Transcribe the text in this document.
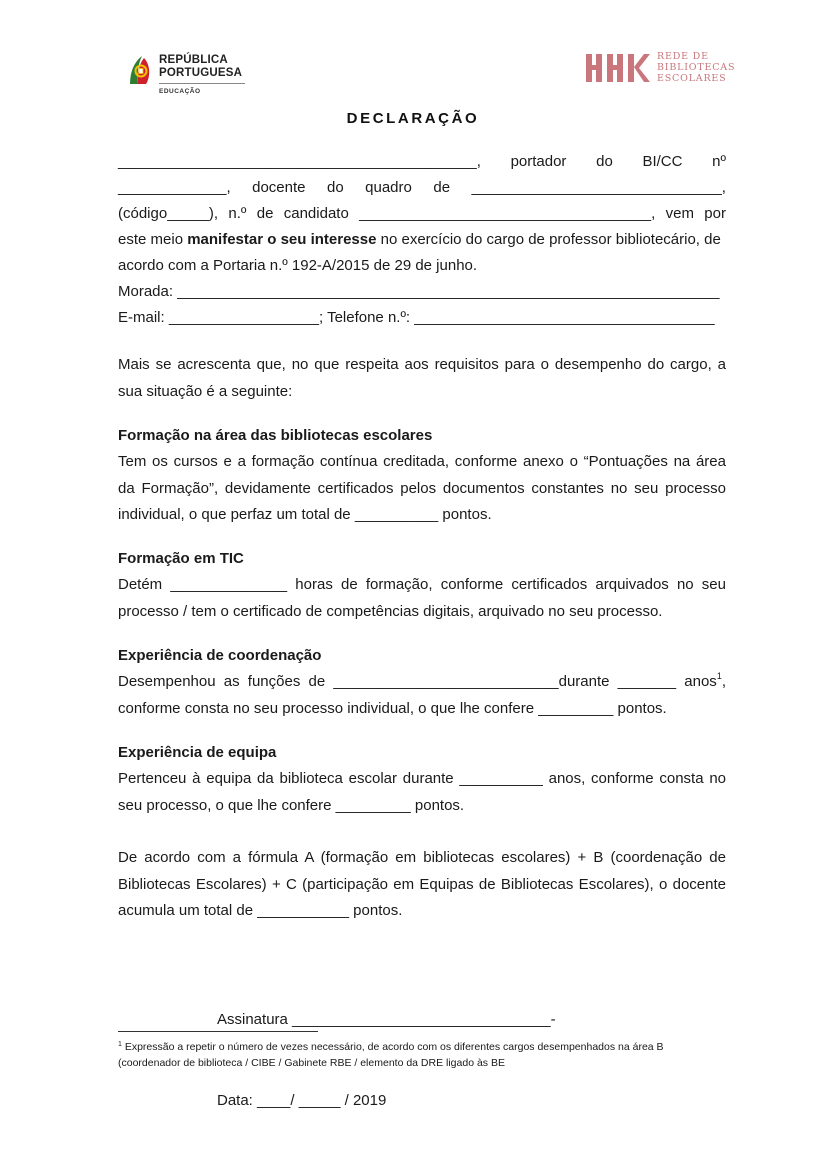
REPÚBLICA
PORTUGUESA
EDUCAÇÃO
REDE DE
BIBLIOTECAS
ESCOLARES
DECLARAÇÃO
___________________________________________, portador do BI/CC nº
_____________, docente do quadro de ______________________________,
(código_____), n.º de candidato ___________________________________, vem por
este meio manifestar o seu interesse no exercício do cargo de professor bibliotecário, de
acordo com a Portaria n.º 192-A/2015 de 29 de junho.
Morada: _________________________________________________________________
E-mail: __________________; Telefone n.º: ____________________________________
Mais se acrescenta que, no que respeita aos requisitos para o desempenho do cargo, a sua situação é a seguinte:
Formação na área das bibliotecas escolares
Tem os cursos e a formação contínua creditada, conforme anexo o “Pontuações na área da Formação”, devidamente certificados pelos documentos constantes no seu processo individual, o que perfaz um total de __________ pontos.
Formação em TIC
Detém ______________ horas de formação, conforme certificados arquivados no seu processo / tem o certificado de competências digitais, arquivado no seu processo.
Experiência de coordenação
Desempenhou as funções de ___________________________durante _______ anos$^1$, conforme consta no seu processo individual, o que lhe confere _________ pontos.
Experiência de equipa
Pertenceu à equipa da biblioteca escolar durante __________ anos, conforme consta no seu processo, o que lhe confere _________ pontos.
De acordo com a fórmula A (formação em bibliotecas escolares) + B (coordenação de Bibliotecas Escolares) + C (participação em Equipas de Bibliotecas Escolares), o docente acumula um total de ___________ pontos.

Assinatura _______________________________-

Data: ____/ _____ / 2019

$^1$ Expressão a repetir o número de vezes necessário, de acordo com os diferentes cargos desempenhados na área B (coordenador de biblioteca / CIBE / Gabinete RBE / elemento da DRE ligado às BE
